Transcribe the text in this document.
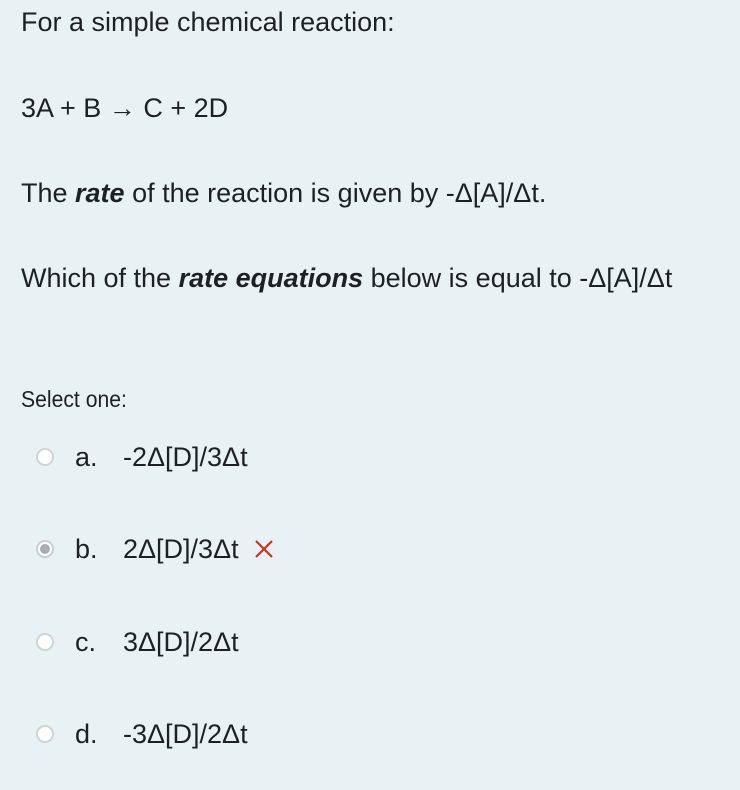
For a simple chemical reaction:
3A + B → C + 2D
The rate of the reaction is given by -Δ[A]/Δt.
Which of the rate equations below is equal to -Δ[A]/Δt
Select one:
a. -2Δ[D]/3Δt
b. 2Δ[D]/3Δt
c. 3Δ[D]/2Δt
d. -3Δ[D]/2Δt
